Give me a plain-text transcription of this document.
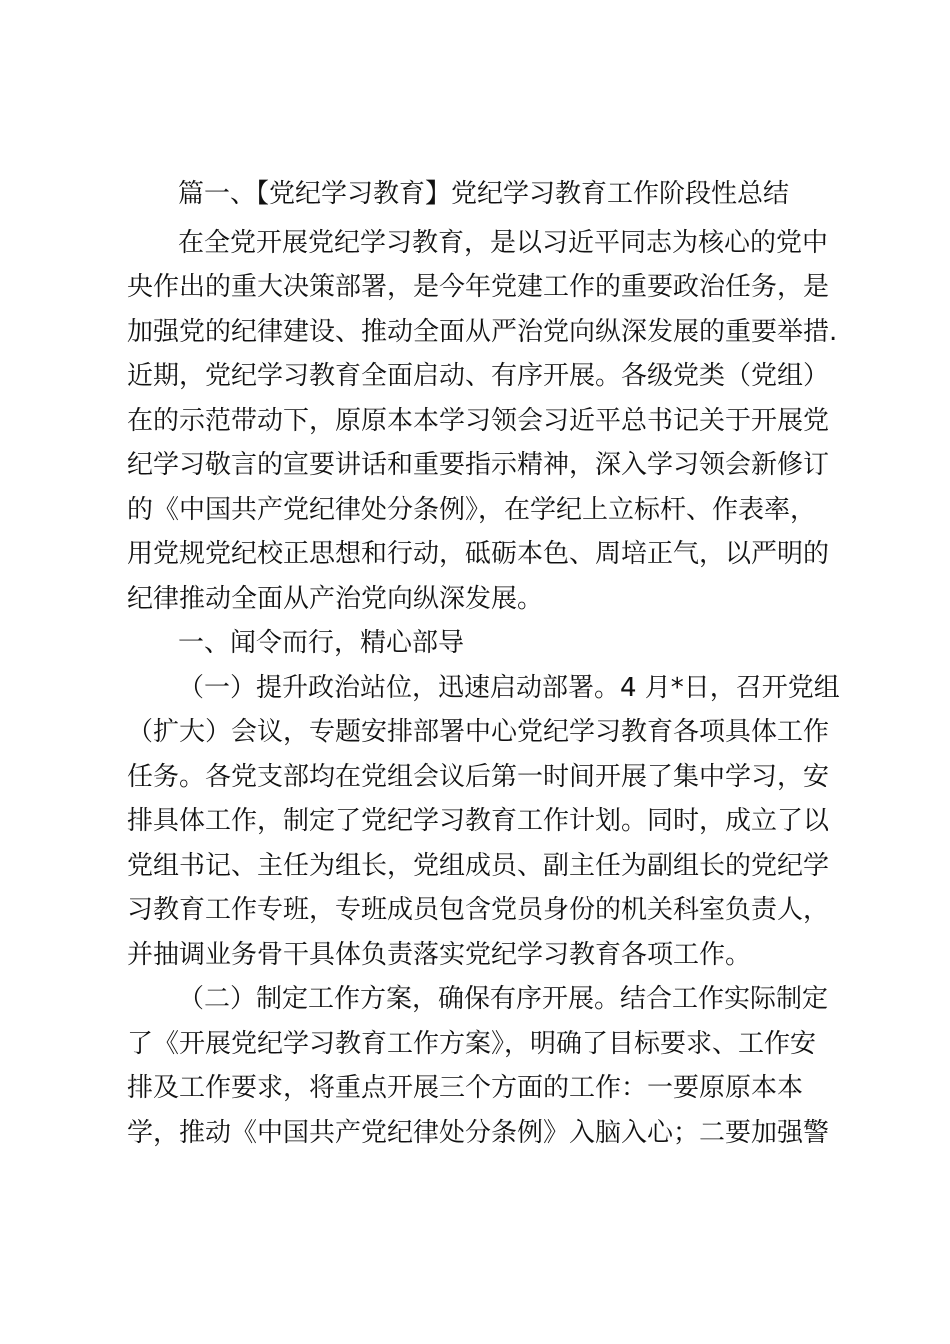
篇一、【党纪学习教育】党纪学习教育工作阶段性总结
在全党开展党纪学习教育，是以习近平同志为核心的党中
央作出的重大决策部署，是今年党建工作的重要政治任务，是
加强党的纪律建设、推动全面从严治党向纵深发展的重要举措.
近期，党纪学习教育全面启动、有序开展。各级党类（党组）
在的示范带动下，原原本本学习领会习近平总书记关于开展党
纪学习敬言的宣要讲话和重要指示精神，深入学习领会新修订
的《中国共产党纪律处分条例》，在学纪上立标杆、作表率，
用党规党纪校正思想和行动，砥砺本色、周培正气，以严明的
纪律推动全面从产治党向纵深发展。
一、闻令而行，精心部导
（一）提升政治站位，迅速启动部署。4 月*日，召开党组
（扩大）会议，专题安排部署中心党纪学习教育各项具体工作
任务。各党支部均在党组会议后第一时间开展了集中学习，安
排具体工作，制定了党纪学习教育工作计划。同时，成立了以
党组书记、主任为组长，党组成员、副主任为副组长的党纪学
习教育工作专班，专班成员包含党员身份的机关科室负责人，
并抽调业务骨干具体负责落实党纪学习教育各项工作。
（二）制定工作方案，确保有序开展。结合工作实际制定
了《开展党纪学习教育工作方案》，明确了目标要求、工作安
排及工作要求，将重点开展三个方面的工作：一要原原本本
学，推动《中国共产党纪律处分条例》入脑入心；二要加强警
